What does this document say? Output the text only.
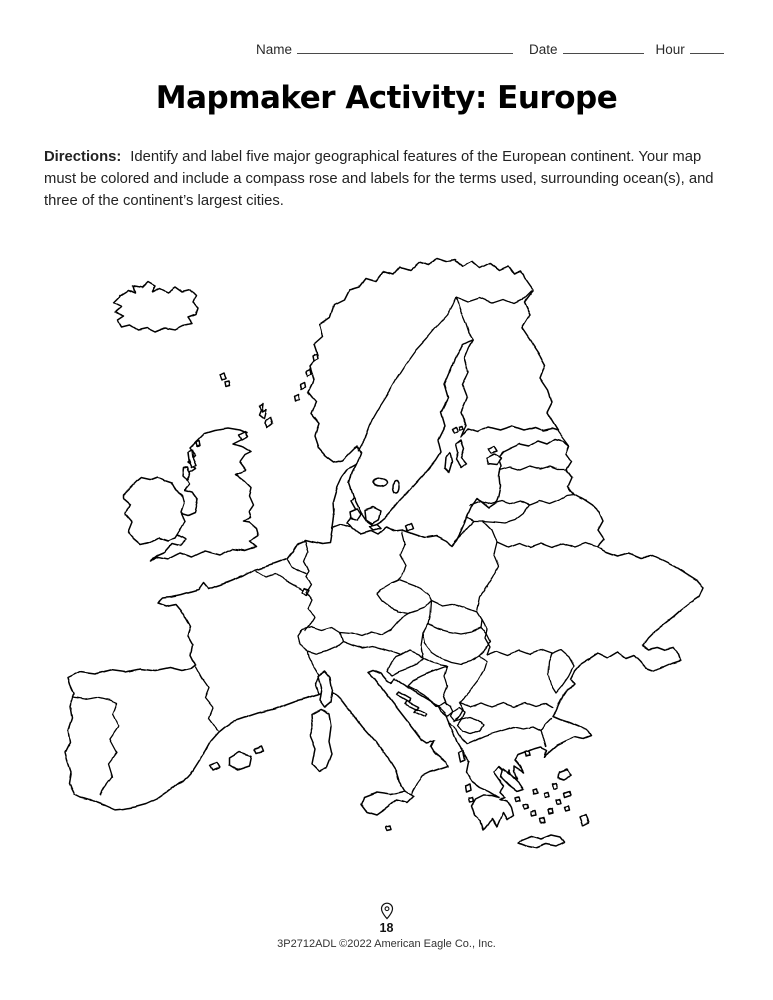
Name	Date	Hour
Mapmaker Activity: Europe
Directions: Identify and label five major geographical features of the European continent. Your map
must be colored and include a compass rose and labels for the terms used, surrounding ocean(s), and
three of the continent’s largest cities.
18
3P2712ADL ©2022 American Eagle Co., Inc.
